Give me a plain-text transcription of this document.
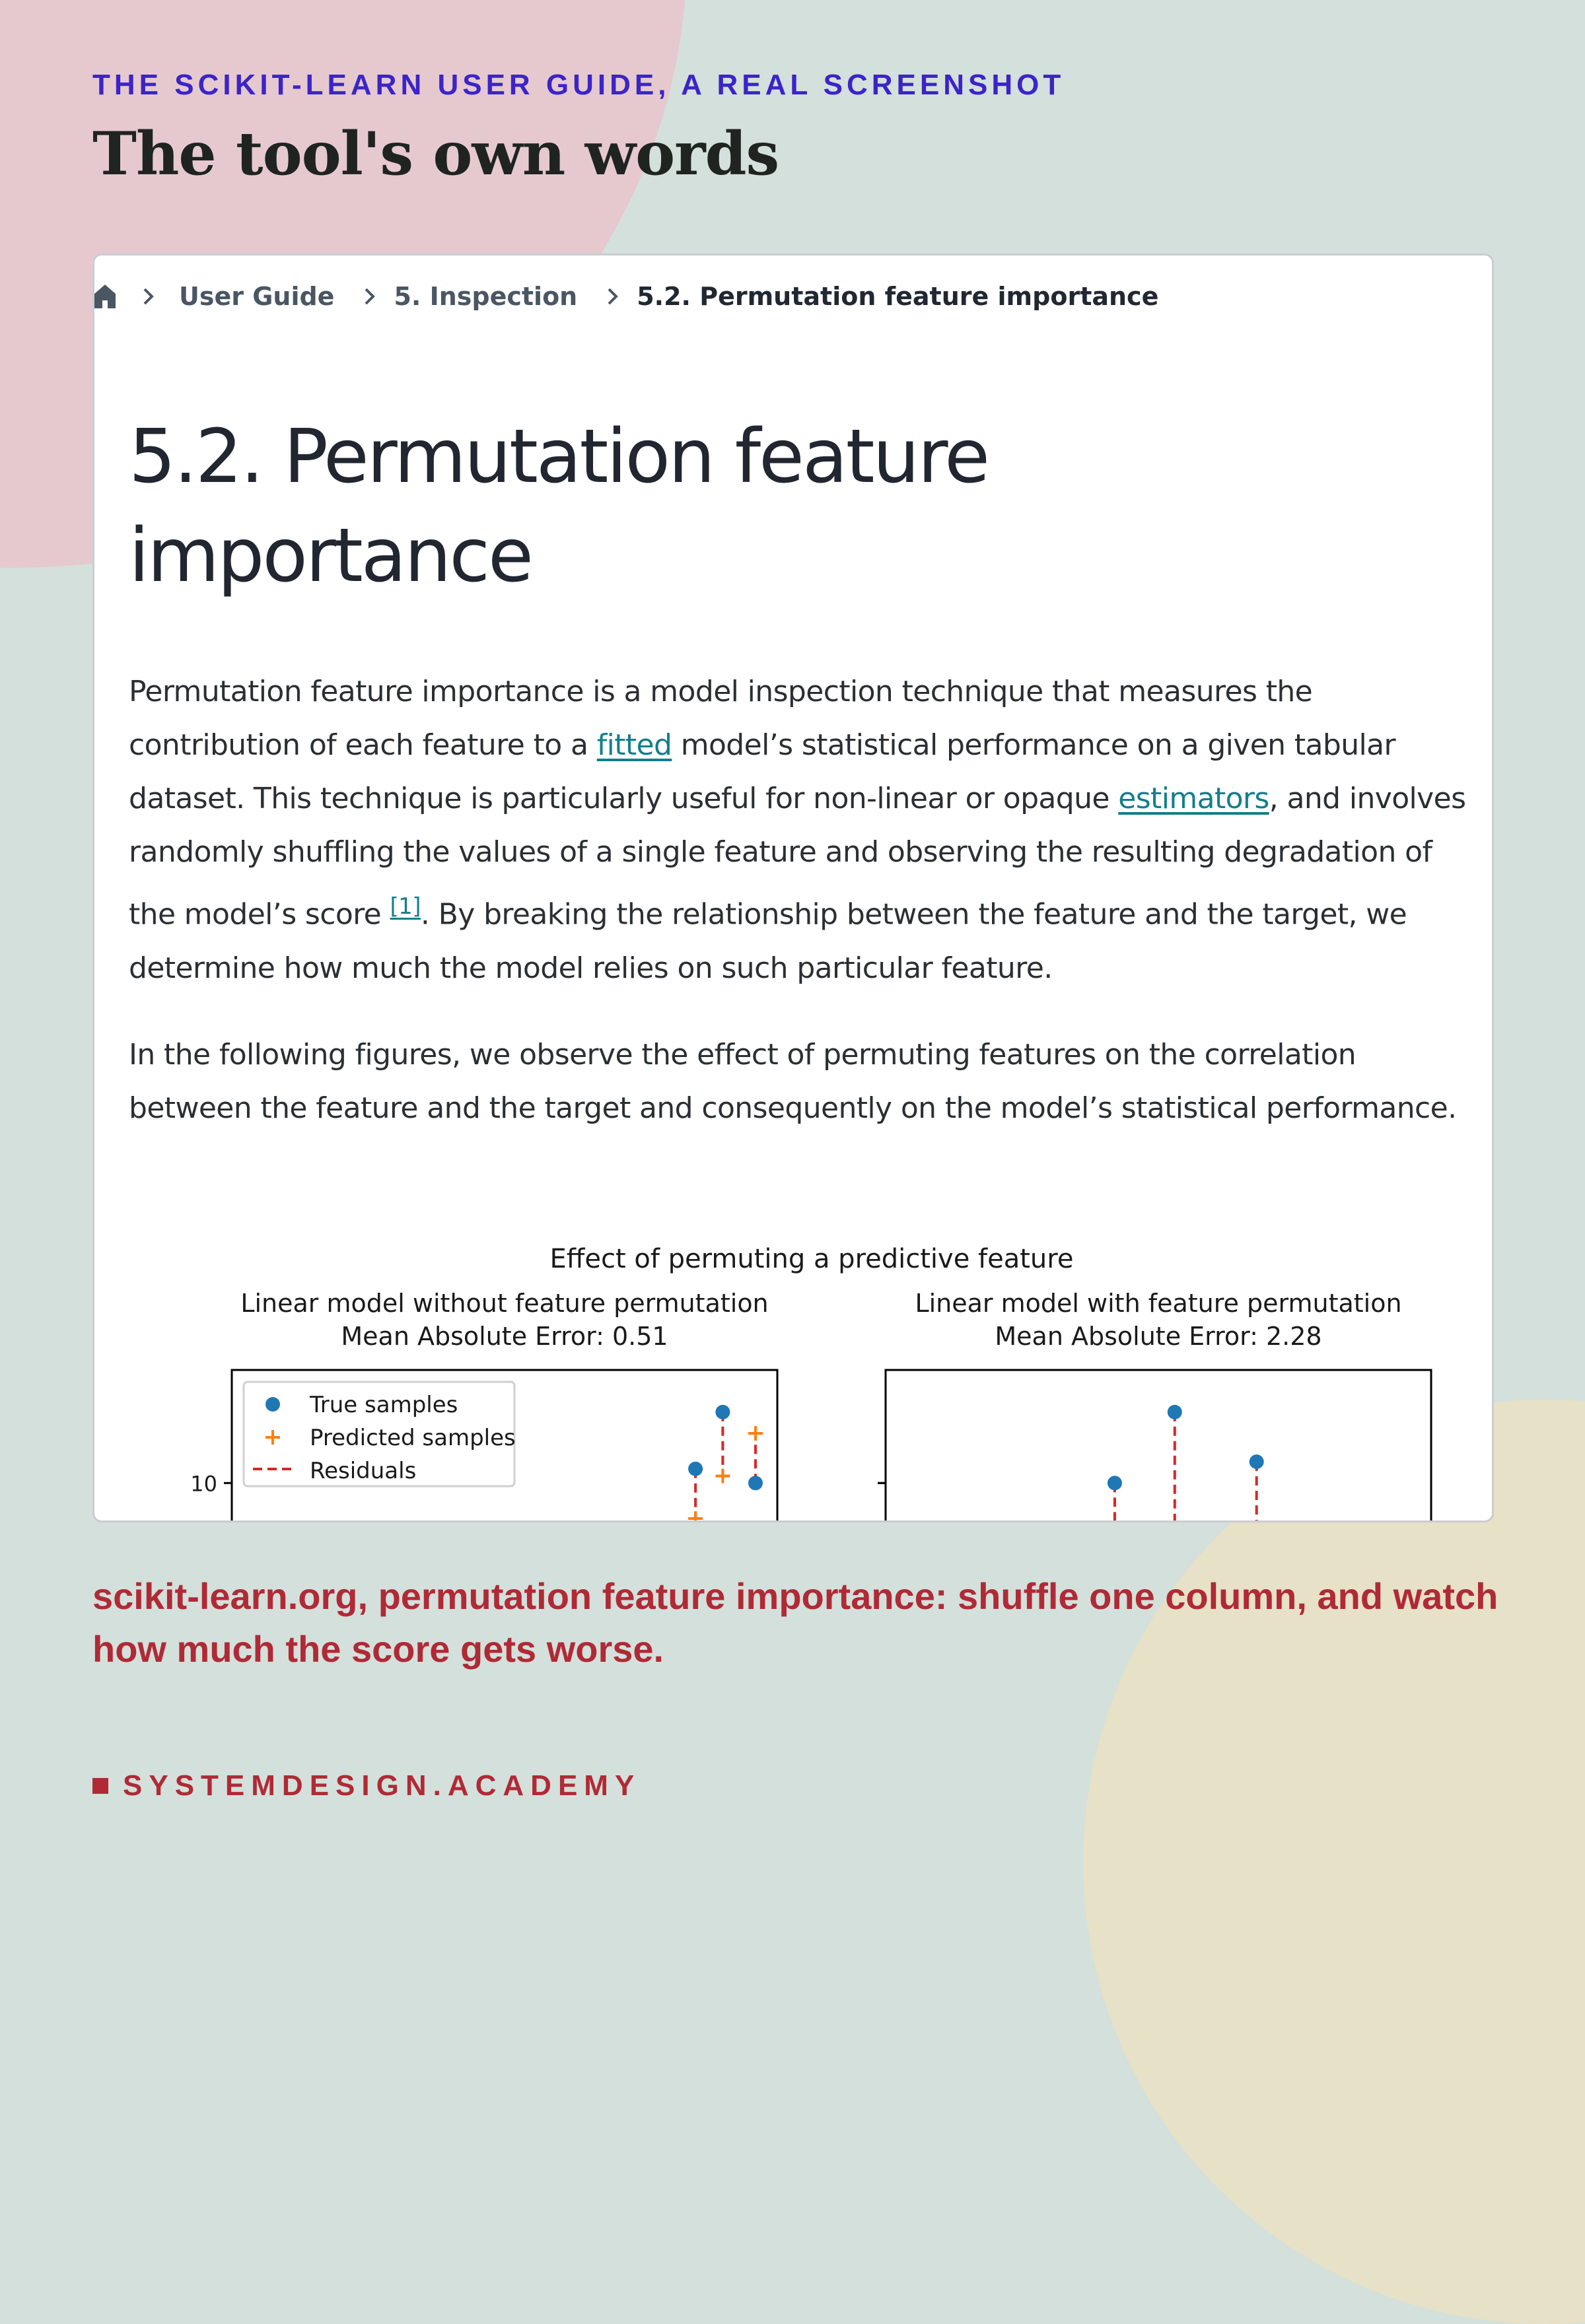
THE SCIKIT-LEARN USER GUIDE, A REAL SCREENSHOT
The tool's own words
User Guide 5. Inspection 5.2. Permutation feature importance
5.2. Permutation feature importance

Permutation feature importance is a model inspection technique that measures the contribution of each feature to a fitted model’s statistical performance on a given tabular dataset. This technique is particularly useful for non-linear or opaque estimators, and involves randomly shuffling the values of a single feature and observing the resulting degradation of the model’s score [1]. By breaking the relationship between the feature and the target, we determine how much the model relies on such particular feature.

In the following figures, we observe the effect of permuting features on the correlation between the feature and the target and consequently on the model’s statistical performance.

Effect of permuting a predictive feature
Linear model without feature permutation
Mean Absolute Error: 0.51
10
True samples
Predicted samples
Residuals
Linear model with feature permutation
Mean Absolute Error: 2.28

scikit-learn.org, permutation feature importance: shuffle one column, and watch how much the score gets worse.

SYSTEMDESIGN.ACADEMY
